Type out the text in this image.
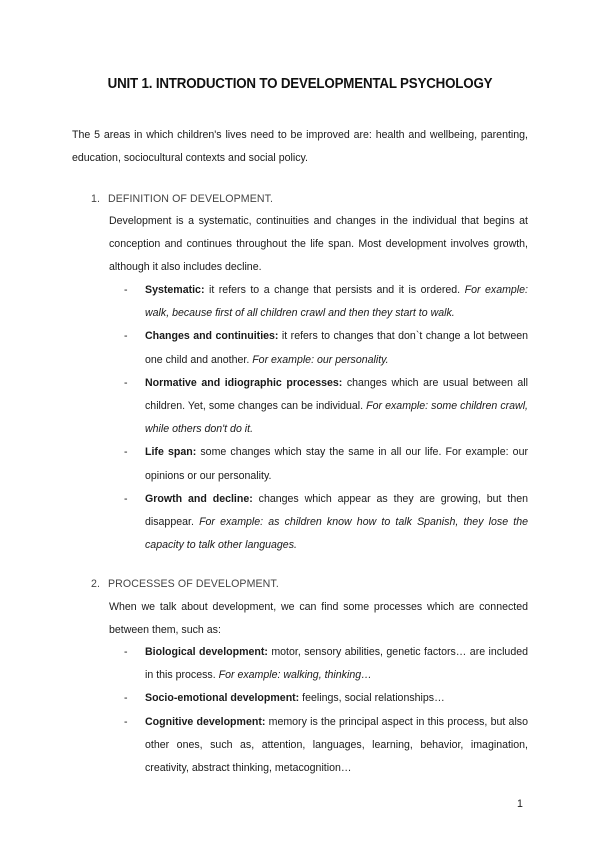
UNIT 1. INTRODUCTION TO DEVELOPMENTAL PSYCHOLOGY
The 5 areas in which children's lives need to be improved are: health and wellbeing, parenting, education, sociocultural contexts and social policy.
1. DEFINITION OF DEVELOPMENT.
Development is a systematic, continuities and changes in the individual that begins at conception and continues throughout the life span. Most development involves growth, although it also includes decline.
- Systematic: it refers to a change that persists and it is ordered. For example: walk, because first of all children crawl and then they start to walk.
- Changes and continuities: it refers to changes that don`t change a lot between one child and another. For example: our personality.
- Normative and idiographic processes: changes which are usual between all children. Yet, some changes can be individual. For example: some children crawl, while others don't do it.
- Life span: some changes which stay the same in all our life. For example: our opinions or our personality.
- Growth and decline: changes which appear as they are growing, but then disappear. For example: as children know how to talk Spanish, they lose the capacity to talk other languages.
2. PROCESSES OF DEVELOPMENT.
When we talk about development, we can find some processes which are connected between them, such as:
- Biological development: motor, sensory abilities, genetic factors… are included in this process. For example: walking, thinking…
- Socio-emotional development: feelings, social relationships…
- Cognitive development: memory is the principal aspect in this process, but also other ones, such as, attention, languages, learning, behavior, imagination, creativity, abstract thinking, metacognition…
1
